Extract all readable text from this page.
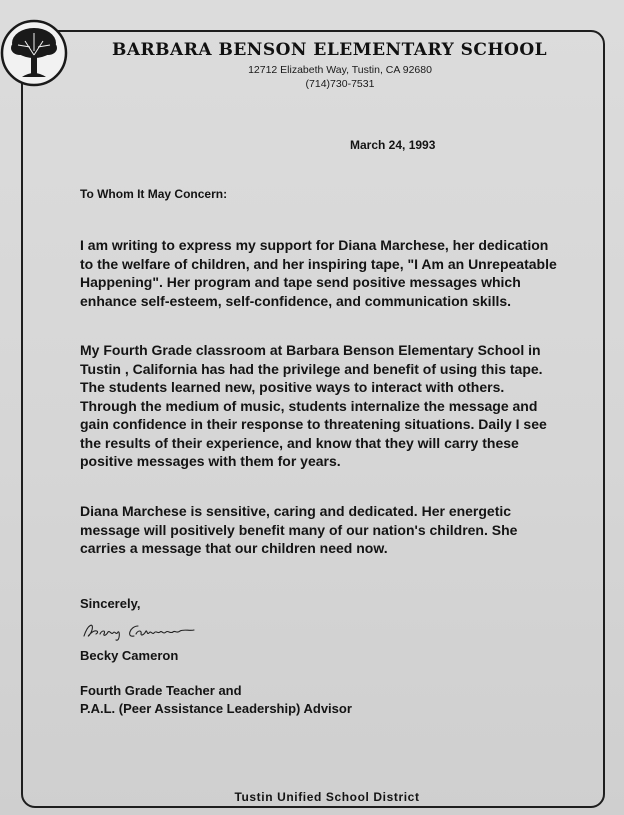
BARBARA BENSON ELEMENTARY SCHOOL
12712 Elizabeth Way, Tustin, CA 92680
(714)730-7531
March 24, 1993
To Whom It May Concern:

I am writing to express my support for Diana Marchese, her dedication to the welfare of children, and her inspiring tape, "I Am an Unrepeatable Happening". Her program and tape send positive messages which enhance self-esteem, self-confidence, and communication skills.

My Fourth Grade classroom at Barbara Benson Elementary School in Tustin , California has had the privilege and benefit of using this tape. The students learned new, positive ways to interact with others. Through the medium of music, students internalize the message and gain confidence in their response to threatening situations. Daily I see the results of their experience, and know that they will carry these positive messages with them for years.

Diana Marchese is sensitive, caring and dedicated. Her energetic message will positively benefit many of our nation's children. She carries a message that our children need now.

Sincerely,
Becky Cameron
Fourth Grade Teacher and
P.A.L. (Peer Assistance Leadership) Advisor
Tustin Unified School District
